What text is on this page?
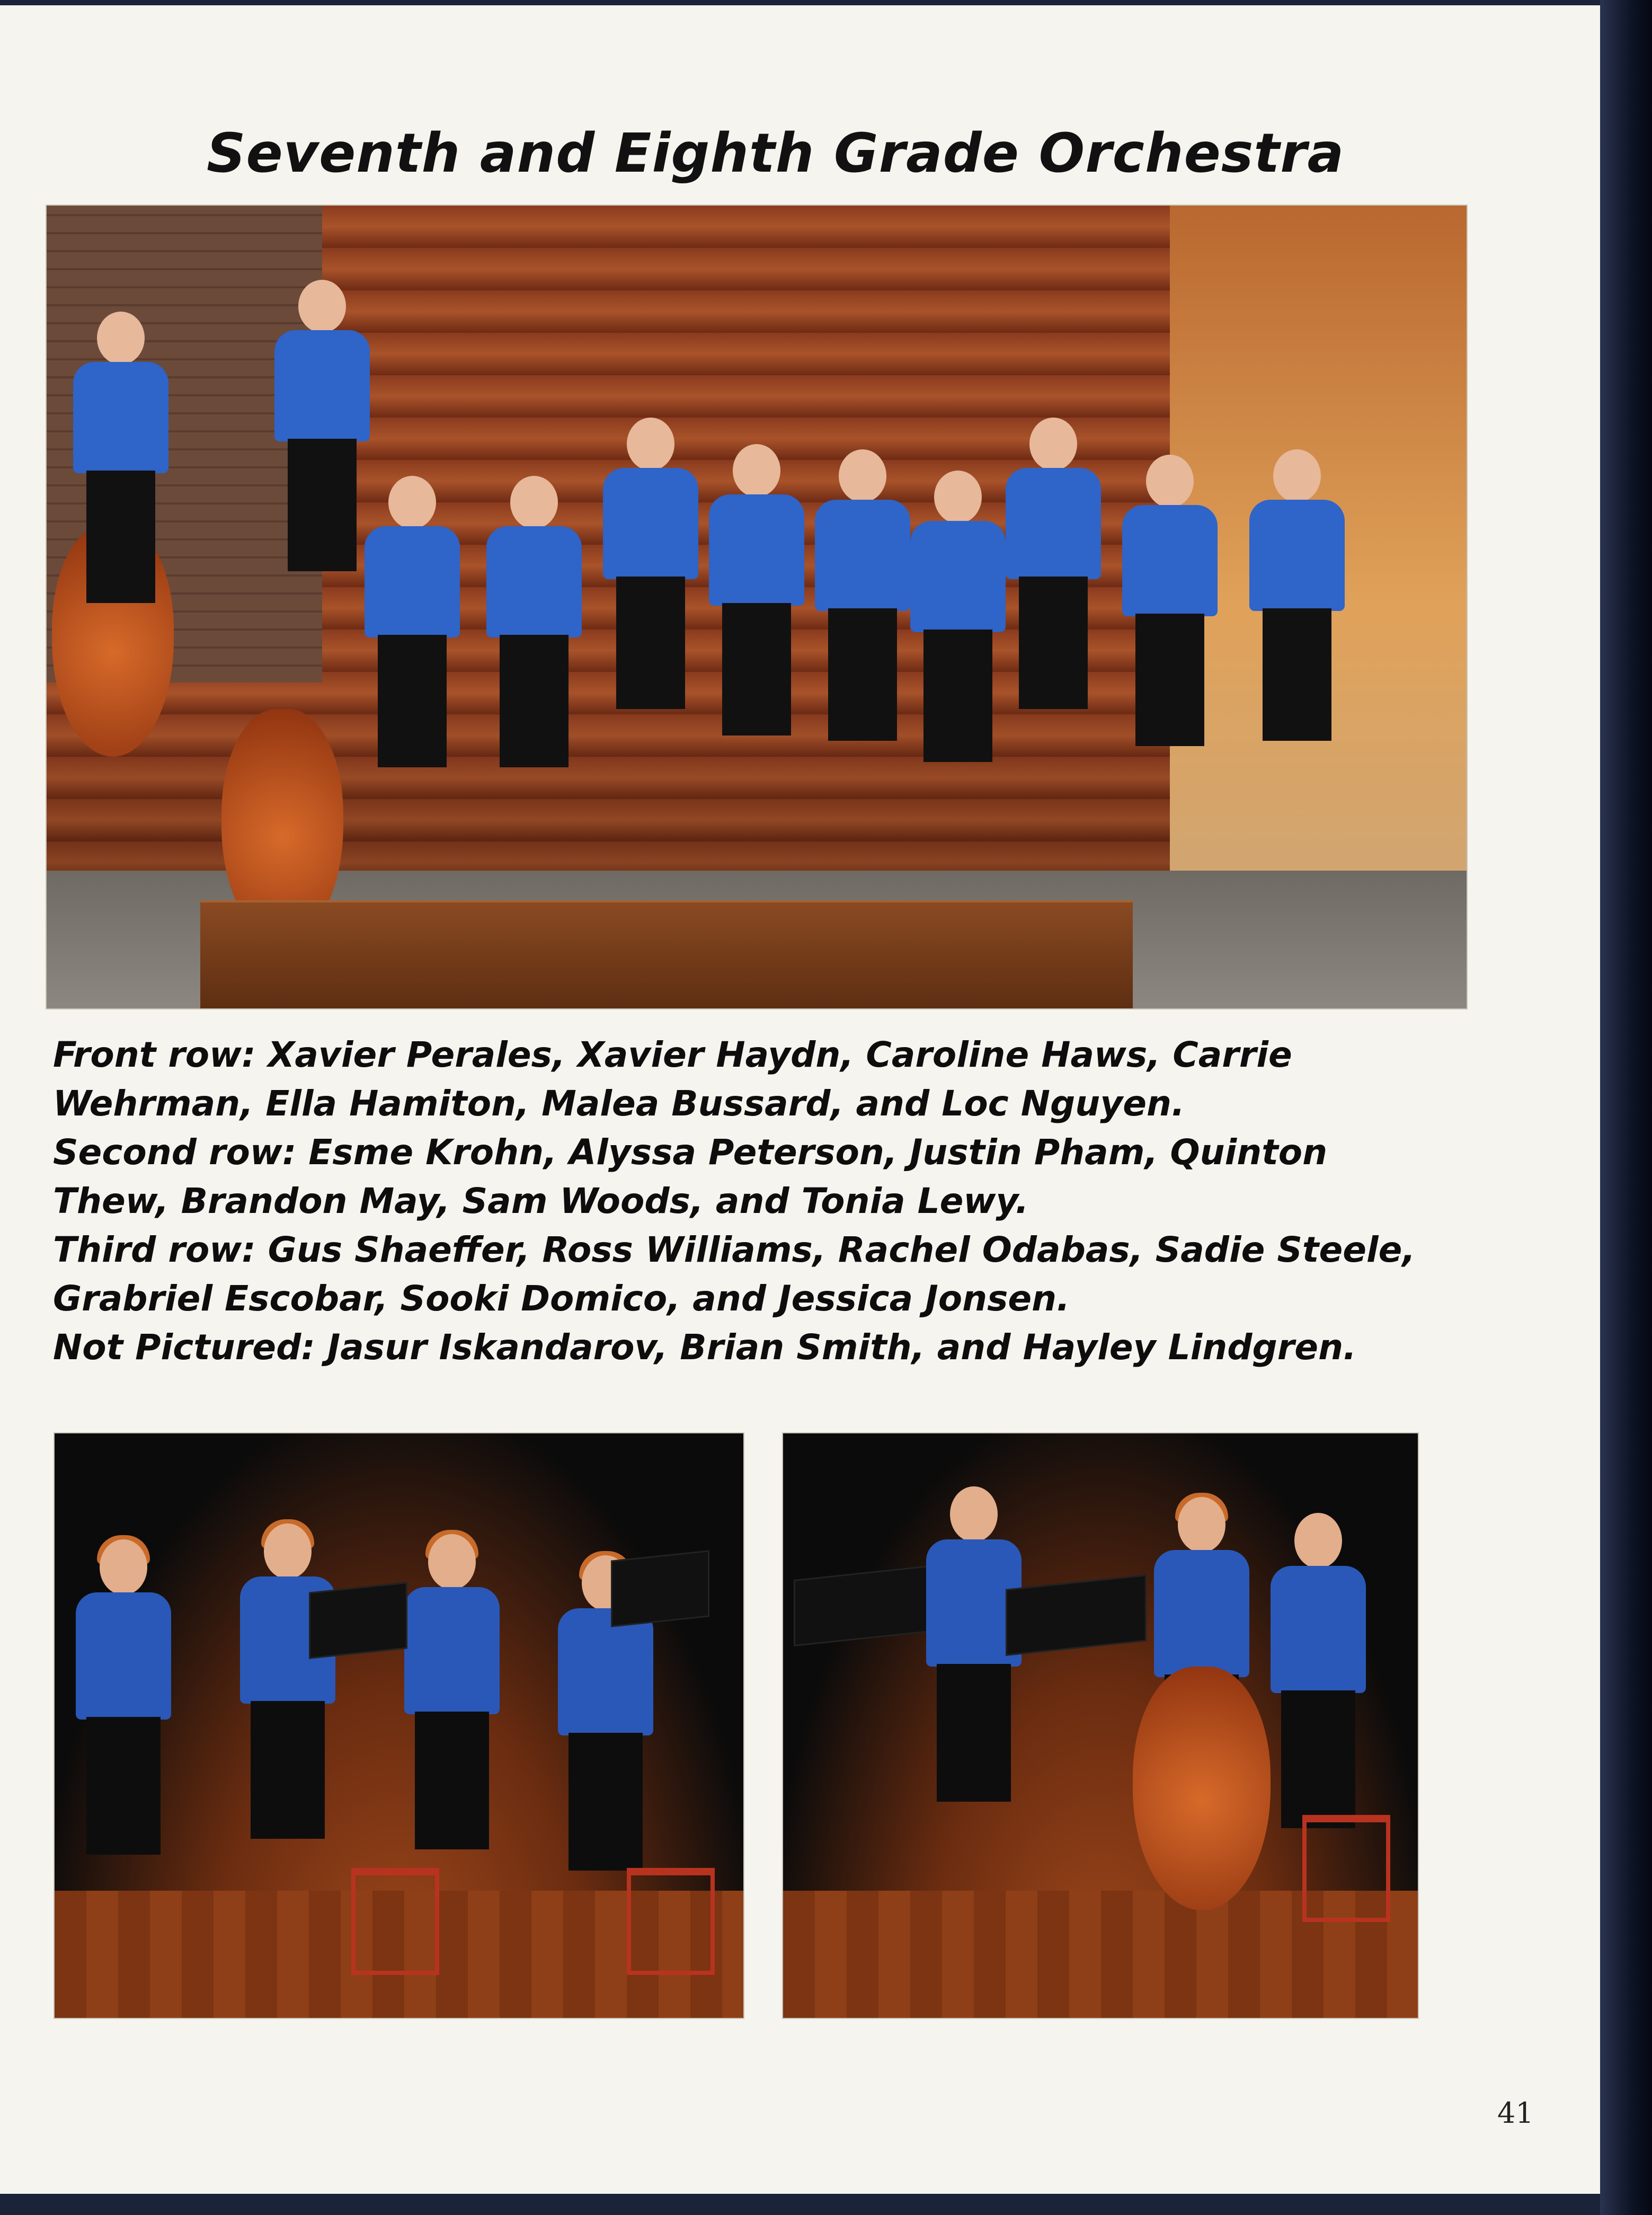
Seventh and Eighth Grade Orchestra
Front row: Xavier Perales, Xavier Haydn, Caroline Haws, Carrie
Wehrman, Ella Hamiton, Malea Bussard, and Loc Nguyen.
Second row: Esme Krohn, Alyssa Peterson, Justin Pham, Quinton
Thew, Brandon May, Sam Woods, and Tonia Lewy.
Third row: Gus Shaeffer, Ross Williams, Rachel Odabas, Sadie Steele,
Grabriel Escobar, Sooki Domico, and Jessica Jonsen.
Not Pictured: Jasur Iskandarov, Brian Smith, and Hayley Lindgren.
41
